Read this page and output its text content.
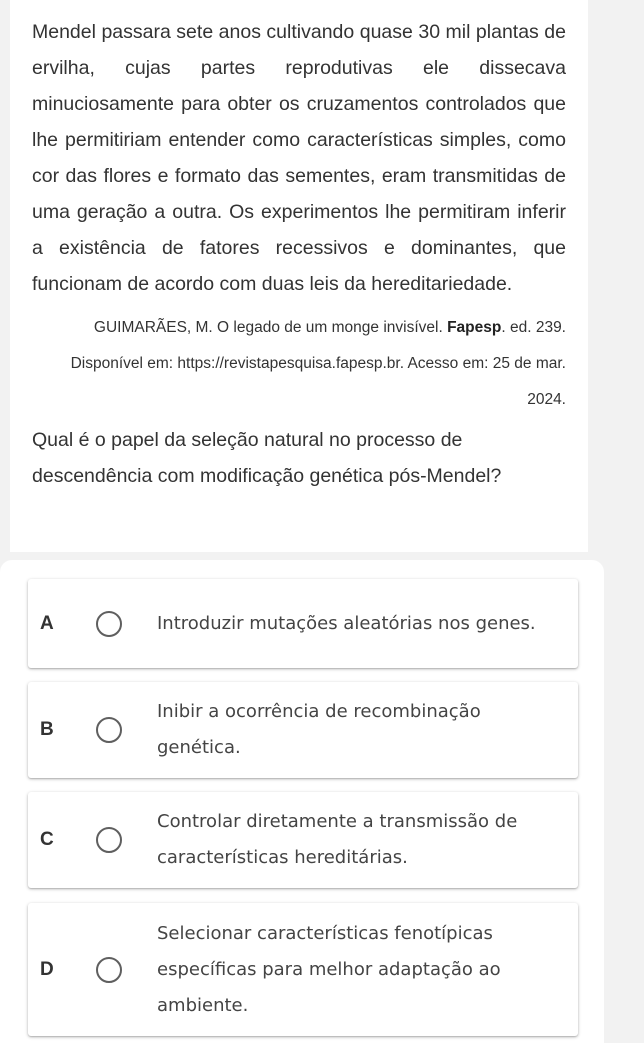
Mendel passara sete anos cultivando quase 30 mil plantas de ervilha, cujas partes reprodutivas ele dissecava minuciosamente para obter os cruzamentos controlados que lhe permitiriam entender como características simples, como cor das flores e formato das sementes, eram transmitidas de uma geração a outra. Os experimentos lhe permitiram inferir a existência de fatores recessivos e dominantes, que funcionam de acordo com duas leis da hereditariedade.

GUIMARÃES, M. O legado de um monge invisível. Fapesp. ed. 239.
Disponível em: https://revistapesquisa.fapesp.br. Acesso em: 25 de mar. 2024.
Qual é o papel da seleção natural no processo de descendência com modificação genética pós-Mendel?
A	Introduzir mutações aleatórias nos genes.
B
Inibir a ocorrência de recombinação genética.
C
Controlar diretamente a transmissão de características hereditárias.
D
Selecionar características fenotípicas específicas para melhor adaptação ao ambiente.
